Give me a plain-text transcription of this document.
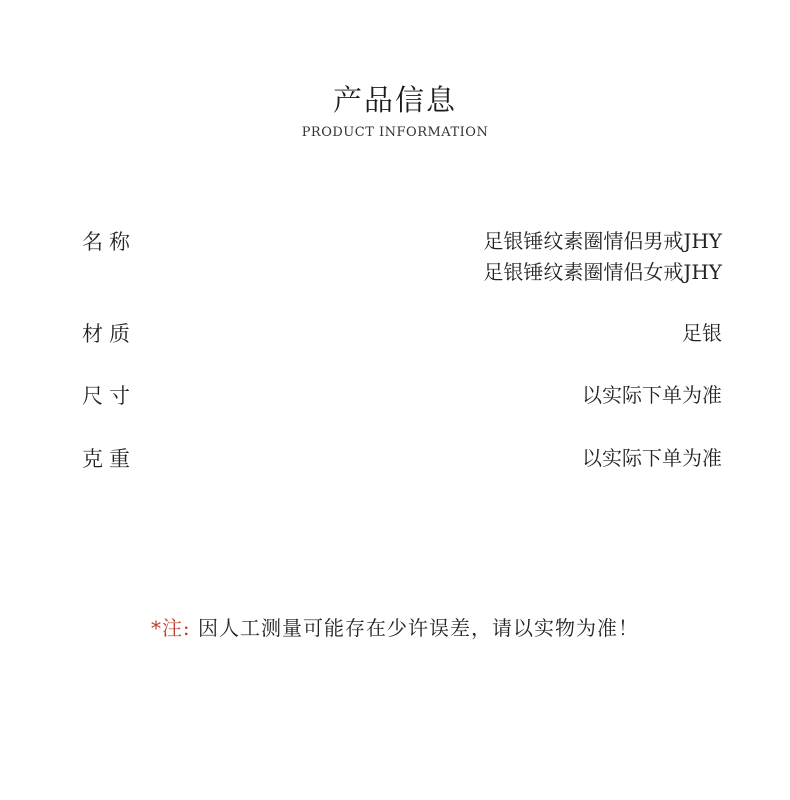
产品信息
PRODUCT INFORMATION
名称	足银锤纹素圈情侣男戒JHY
足银锤纹素圈情侣女戒JHY
材质	足银
尺寸	以实际下单为准
克重	以实际下单为准
*注: 因人工测量可能存在少许误差，请以实物为准！
